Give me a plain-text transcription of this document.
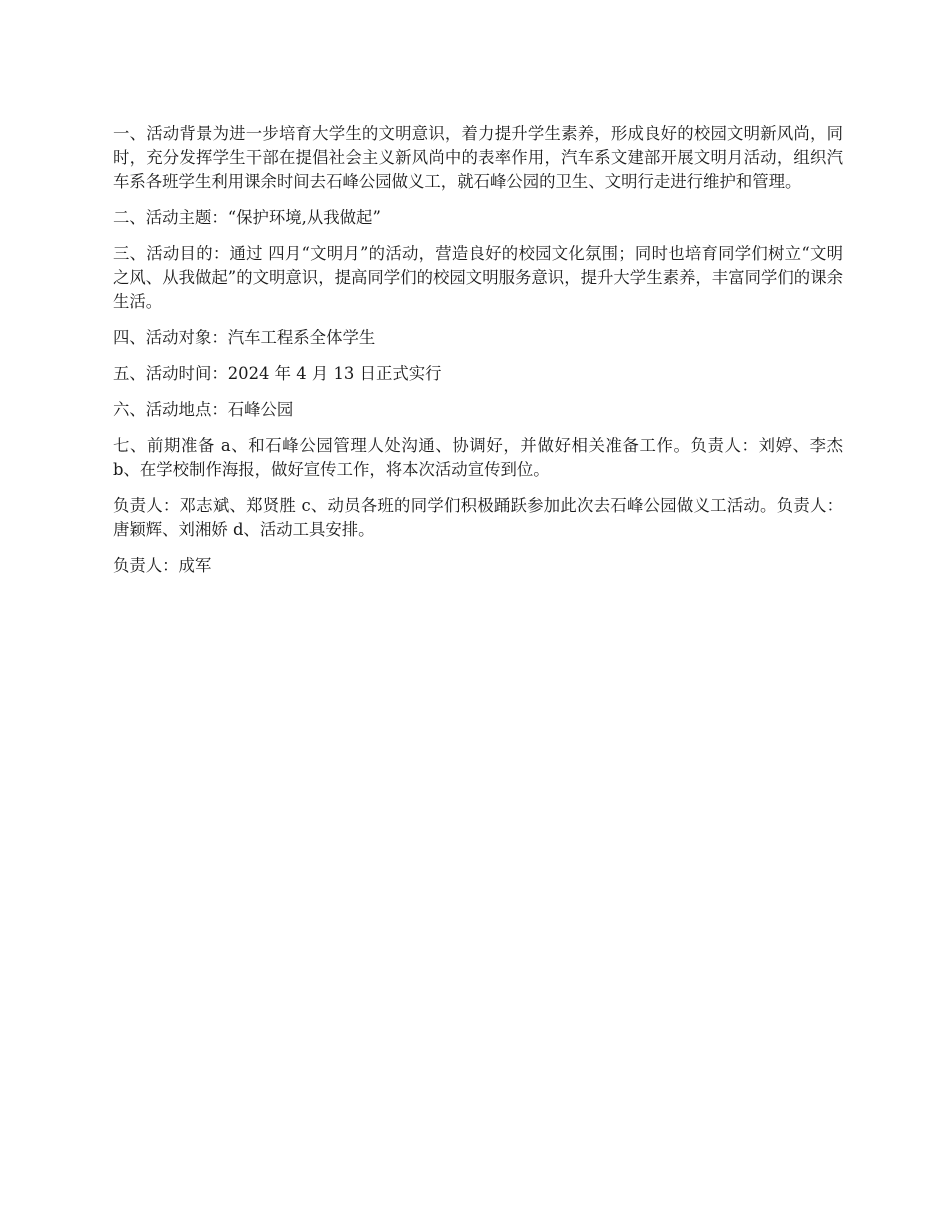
一、活动背景为进一步培育大学生的文明意识，着力提升学生素养，形成良好的校园文明新风尚，同时，充分发挥学生干部在提倡社会主义新风尚中的表率作用，汽车系文建部开展文明月活动，组织汽车系各班学生利用课余时间去石峰公园做义工，就石峰公园的卫生、文明行走进行维护和管理。

二、活动主题：“保护环境,从我做起”

三、活动目的：通过 四月“文明月”的活动，营造良好的校园文化氛围；同时也培育同学们树立“文明之风、从我做起”的文明意识，提高同学们的校园文明服务意识，提升大学生素养，丰富同学们的课余生活。

四、活动对象：汽车工程系全体学生

五、活动时间：2024 年 4 月 13 日正式实行

六、活动地点：石峰公园

七、前期准备 a、和石峰公园管理人处沟通、协调好，并做好相关准备工作。负责人：刘婷、李杰 b、在学校制作海报，做好宣传工作，将本次活动宣传到位。

负责人：邓志斌、郑贤胜 c、动员各班的同学们积极踊跃参加此次去石峰公园做义工活动。负责人：唐颖辉、刘湘娇 d、活动工具安排。

负责人：成军
